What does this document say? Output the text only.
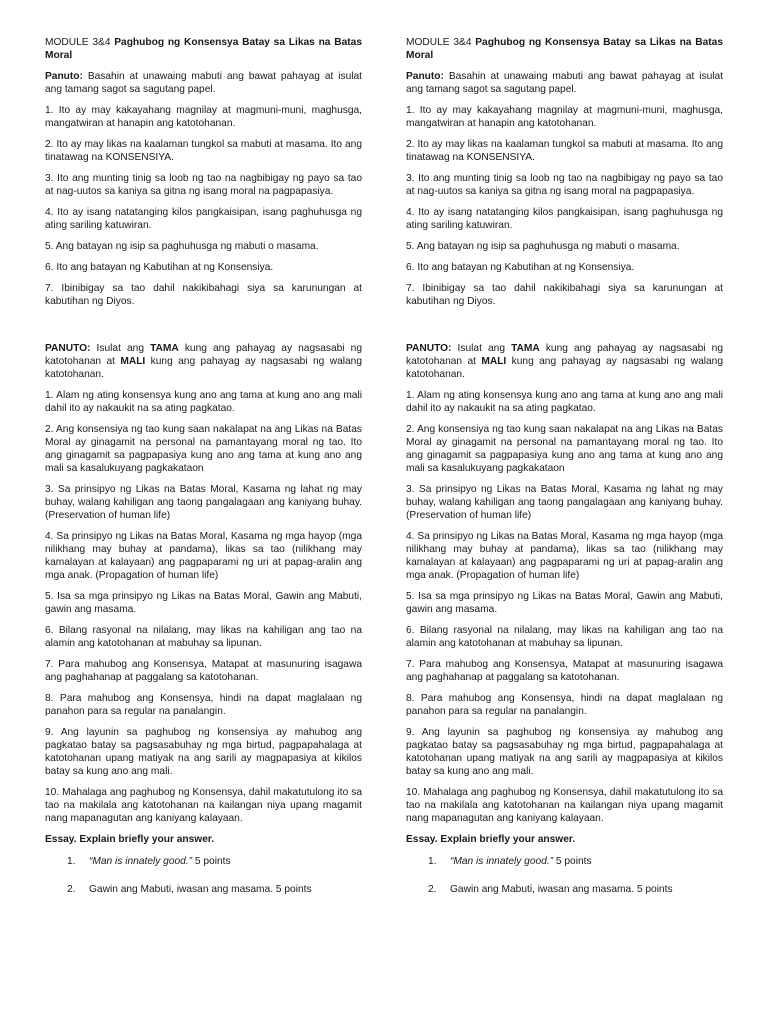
MODULE 3&4 Paghubog ng Konsensya Batay sa Likas na Batas Moral

Panuto: Basahin at unawaing mabuti ang bawat pahayag at isulat ang tamang sagot sa sagutang papel.

1. Ito ay may kakayahang magnilay at magmuni-muni, maghusga, mangatwiran at hanapin ang katotohanan.

2. Ito ay may likas na kaalaman tungkol sa mabuti at masama. Ito ang tinatawag na KONSENSIYA.

3. Ito ang munting tinig sa loob ng tao na nagbibigay ng payo sa tao at nag-uutos sa kaniya sa gitna ng isang moral na pagpapasiya.

4. Ito ay isang natatanging kilos pangkaisipan, isang paghuhusga ng ating sariling katuwiran.

5. Ang batayan ng isip sa paghuhusga ng mabuti o masama.

6. Ito ang batayan ng Kabutihan at ng Konsensiya.

7. Ibinibigay sa tao dahil nakikibahagi siya sa karunungan at kabutihan ng Diyos.

PANUTO: Isulat ang TAMA kung ang pahayag ay nagsasabi ng katotohanan at MALI kung ang pahayag ay nagsasabi ng walang katotohanan.

1. Alam ng ating konsensya kung ano ang tama at kung ano ang mali dahil ito ay nakaukit na sa ating pagkatao.

2. Ang konsensiya ng tao kung saan nakalapat na ang Likas na Batas Moral ay ginagamit na personal na pamantayang moral ng tao. Ito ang ginagamit sa pagpapasiya kung ano ang tama at kung ano ang mali sa kasalukuyang pagkakataon

3. Sa prinsipyo ng Likas na Batas Moral, Kasama ng lahat ng may buhay, walang kahiligan ang taong pangalagaan ang kaniyang buhay. (Preservation of human life)

4. Sa prinsipyo ng Likas na Batas Moral, Kasama ng mga hayop (mga nilikhang may buhay at pandama), likas sa tao (nilikhang may kamalayan at kalayaan) ang pagpaparami ng uri at papag-aralin ang mga anak. (Propagation of human life)

5. Isa sa mga prinsipyo ng Likas na Batas Moral, Gawin ang Mabuti, gawin ang masama.

6. Bilang rasyonal na nilalang, may likas na kahiligan ang tao na alamin ang katotohanan at mabuhay sa lipunan.

7. Para mahubog ang Konsensya, Matapat at masunuring isagawa ang paghahanap at paggalang sa katotohanan.

8. Para mahubog ang Konsensya, hindi na dapat maglalaan ng panahon para sa regular na panalangin.

9. Ang layunin sa paghubog ng konsensiya ay mahubog ang pagkatao batay sa pagsasabuhay ng mga birtud, pagpapahalaga at katotohanan upang matiyak na ang sarili ay magpapasiya at kikilos batay sa kung ano ang mali.

10. Mahalaga ang paghubog ng Konsensya, dahil makatutulong ito sa tao na makilala ang katotohanan na kailangan niya upang magamit nang mapanagutan ang kaniyang kalayaan.

Essay. Explain briefly your answer.

1.	“Man is innately good.” 5 points
2.	Gawin ang Mabuti, iwasan ang masama. 5 points

MODULE 3&4 Paghubog ng Konsensya Batay sa Likas na Batas Moral

Panuto: Basahin at unawaing mabuti ang bawat pahayag at isulat ang tamang sagot sa sagutang papel.

1. Ito ay may kakayahang magnilay at magmuni-muni, maghusga, mangatwiran at hanapin ang katotohanan.

2. Ito ay may likas na kaalaman tungkol sa mabuti at masama. Ito ang tinatawag na KONSENSIYA.

3. Ito ang munting tinig sa loob ng tao na nagbibigay ng payo sa tao at nag-uutos sa kaniya sa gitna ng isang moral na pagpapasiya.

4. Ito ay isang natatanging kilos pangkaisipan, isang paghuhusga ng ating sariling katuwiran.

5. Ang batayan ng isip sa paghuhusga ng mabuti o masama.

6. Ito ang batayan ng Kabutihan at ng Konsensiya.

7. Ibinibigay sa tao dahil nakikibahagi siya sa karunungan at kabutihan ng Diyos.

PANUTO: Isulat ang TAMA kung ang pahayag ay nagsasabi ng katotohanan at MALI kung ang pahayag ay nagsasabi ng walang katotohanan.

1. Alam ng ating konsensya kung ano ang tama at kung ano ang mali dahil ito ay nakaukit na sa ating pagkatao.

2. Ang konsensiya ng tao kung saan nakalapat na ang Likas na Batas Moral ay ginagamit na personal na pamantayang moral ng tao. Ito ang ginagamit sa pagpapasiya kung ano ang tama at kung ano ang mali sa kasalukuyang pagkakataon

3. Sa prinsipyo ng Likas na Batas Moral, Kasama ng lahat ng may buhay, walang kahiligan ang taong pangalagaan ang kaniyang buhay. (Preservation of human life)

4. Sa prinsipyo ng Likas na Batas Moral, Kasama ng mga hayop (mga nilikhang may buhay at pandama), likas sa tao (nilikhang may kamalayan at kalayaan) ang pagpaparami ng uri at papag-aralin ang mga anak. (Propagation of human life)

5. Isa sa mga prinsipyo ng Likas na Batas Moral, Gawin ang Mabuti, gawin ang masama.

6. Bilang rasyonal na nilalang, may likas na kahiligan ang tao na alamin ang katotohanan at mabuhay sa lipunan.

7. Para mahubog ang Konsensya, Matapat at masunuring isagawa ang paghahanap at paggalang sa katotohanan.

8. Para mahubog ang Konsensya, hindi na dapat maglalaan ng panahon para sa regular na panalangin.

9. Ang layunin sa paghubog ng konsensiya ay mahubog ang pagkatao batay sa pagsasabuhay ng mga birtud, pagpapahalaga at katotohanan upang matiyak na ang sarili ay magpapasiya at kikilos batay sa kung ano ang mali.

10. Mahalaga ang paghubog ng Konsensya, dahil makatutulong ito sa tao na makilala ang katotohanan na kailangan niya upang magamit nang mapanagutan ang kaniyang kalayaan.

Essay. Explain briefly your answer.

1.	“Man is innately good.” 5 points
2.	Gawin ang Mabuti, iwasan ang masama. 5 points
